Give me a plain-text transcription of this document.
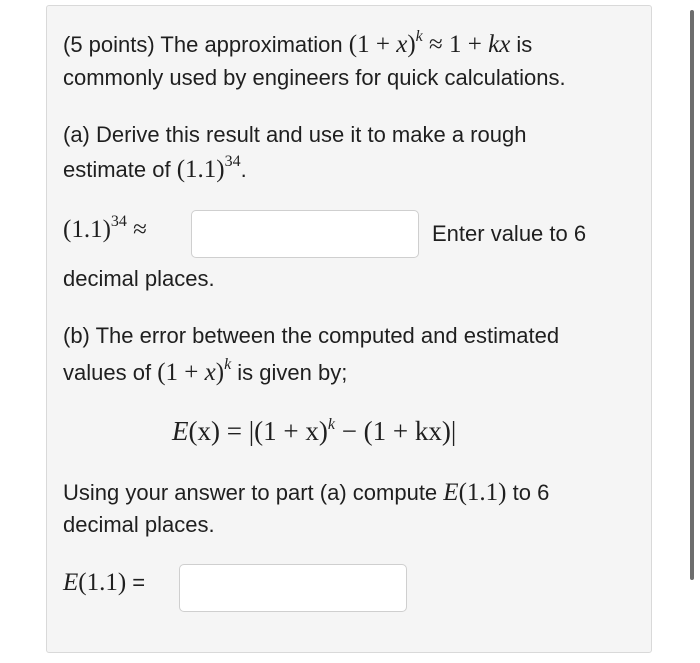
(5 points) The approximation $(1 + x)^k \approx 1$ + kx is

commonly used by engineers for quick calculations.

(a) Derive this result and use it to make a rough

estimate of $(1.1)^{34}$.

$(1.1)^{34}$ ≈	Enter value to 6

decimal places.

(b) The error between the computed and estimated

values of $(1 + x)^k$ is given by;

$E(x) = |(1 + x)^k - (1 + kx)|$

Using your answer to part (a) compute E(1.1) to 6

decimal places.

E(1.1) =
